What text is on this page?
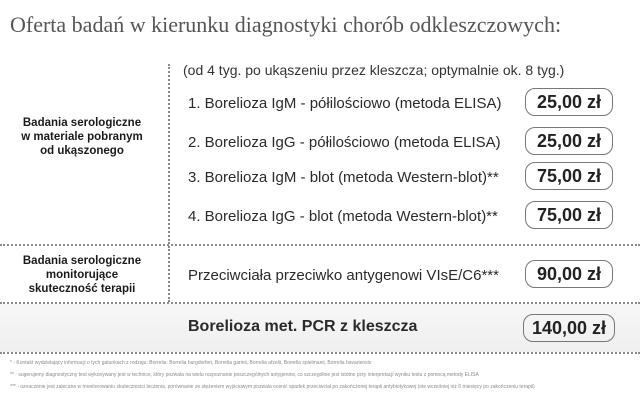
Oferta badań w kierunku diagnostyki chorób odkleszczowych:
(od 4 tyg. po ukąszeniu przez kleszcza; optymalnie ok. 8 tyg.)
Badania serologiczne
w materiale pobranym
od ukąszonego
1. Borelioza IgM - półilościowo (metoda ELISA)	25,00 zł
2. Borelioza IgG - półilościowo (metoda ELISA)	25,00 zł
3. Borelioza IgM - blot (metoda Western-blot)**	75,00 zł
4. Borelioza IgG - blot (metoda Western-blot)**	75,00 zł
Badania serologiczne
monitorujące
skuteczność terapii
Przeciwciała przeciwko antygenowi VIsE/C6***	90,00 zł
Borelioza met. PCR z kleszcza	140,00 zł
* - Kontakt wydzielający informacji o tych gatunkach z rodzaju: Borrelia: Borrelia burgdorferi, Borrelia garinii, Borrelia afzelii, Borrelia spielmanii, Borrelia bavariensis
** - sugerujemy diagnostyczny test wykonywany jest w technice, który pozwala na wielu rozpoznanie poszczególnych antygenów, co szczególnie jest istotne przy interpretacji wyniku testu z pomocą metody ELISA
*** - oznaczenie jest zalecane w monitorowaniu skuteczności leczenia, porównanie ze stężeniem wyjściowym pozwala ocenić spadek przeciwciał po zakończonej terapii antybiotykowej (nie wcześniej niż 6 miesięcy po zakończeniu terapii)
